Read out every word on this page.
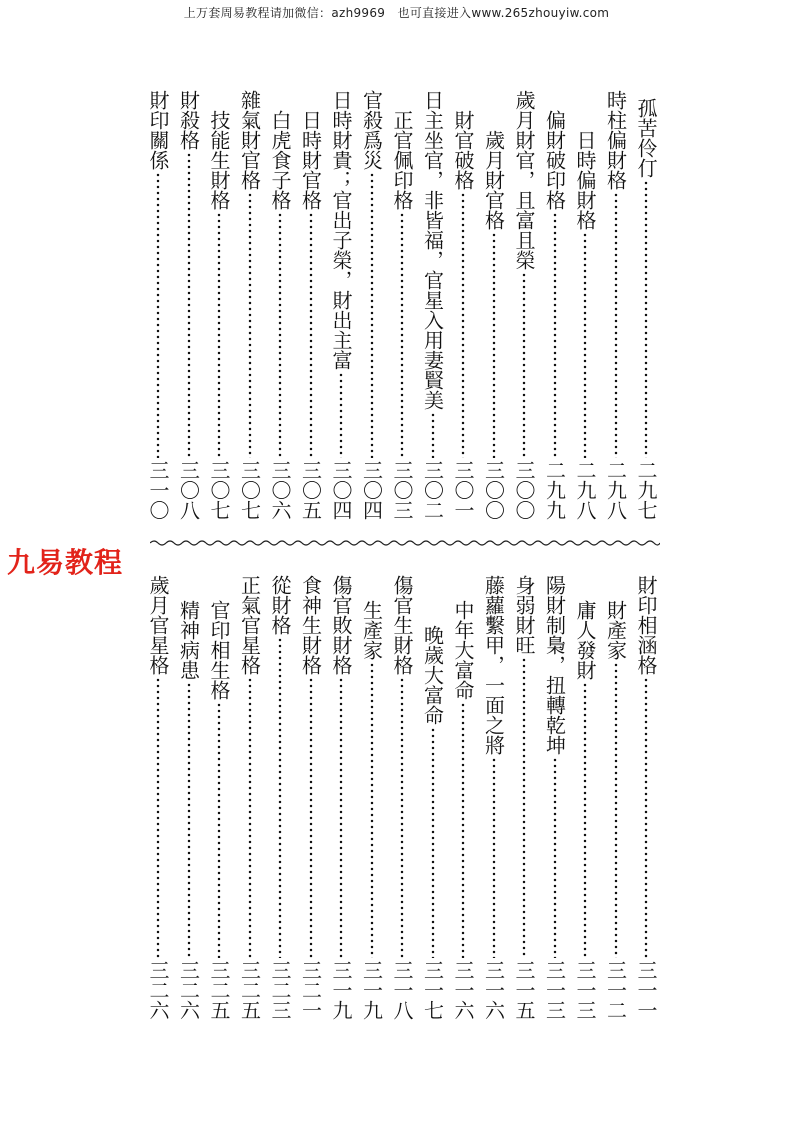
上万套周易教程请加微信：azh9969　也可直接进入www.265zhouyiw.com
孤苦伶仃
二九七
時柱偏財格
二九八
日時偏財格
二九八
偏財破印格
二九九
歲月財官，且富且榮
三〇〇
歲月財官格
三〇〇
財官破格
三〇一
日主坐官，非皆福，官星入用妻賢美
三〇二
正官佩印格
三〇三
官殺爲災
三〇四
日時財貴；官出子榮，財出主富
三〇四
日時財官格
三〇五
白虎食子格
三〇六
雜氣財官格
三〇七
技能生財格
三〇七
財殺格
三〇八
財印關係
三一〇
九易教程
財印相涵格
三一一
財產家
三一二
庸人發財
三一三
陽財制梟，扭轉乾坤
三一三
身弱財旺
三一五
藤蘿繫甲，一面之將
三一六
中年大富命
三一六
晚歲大富命
三一七
傷官生財格
三一八
生產家
三一九
傷官敗財格
三一九
食神生財格
三二一
從財格
三二三
正氣官星格
三二五
官印相生格
三二五
精神病患
三二六
歲月官星格
三二六
